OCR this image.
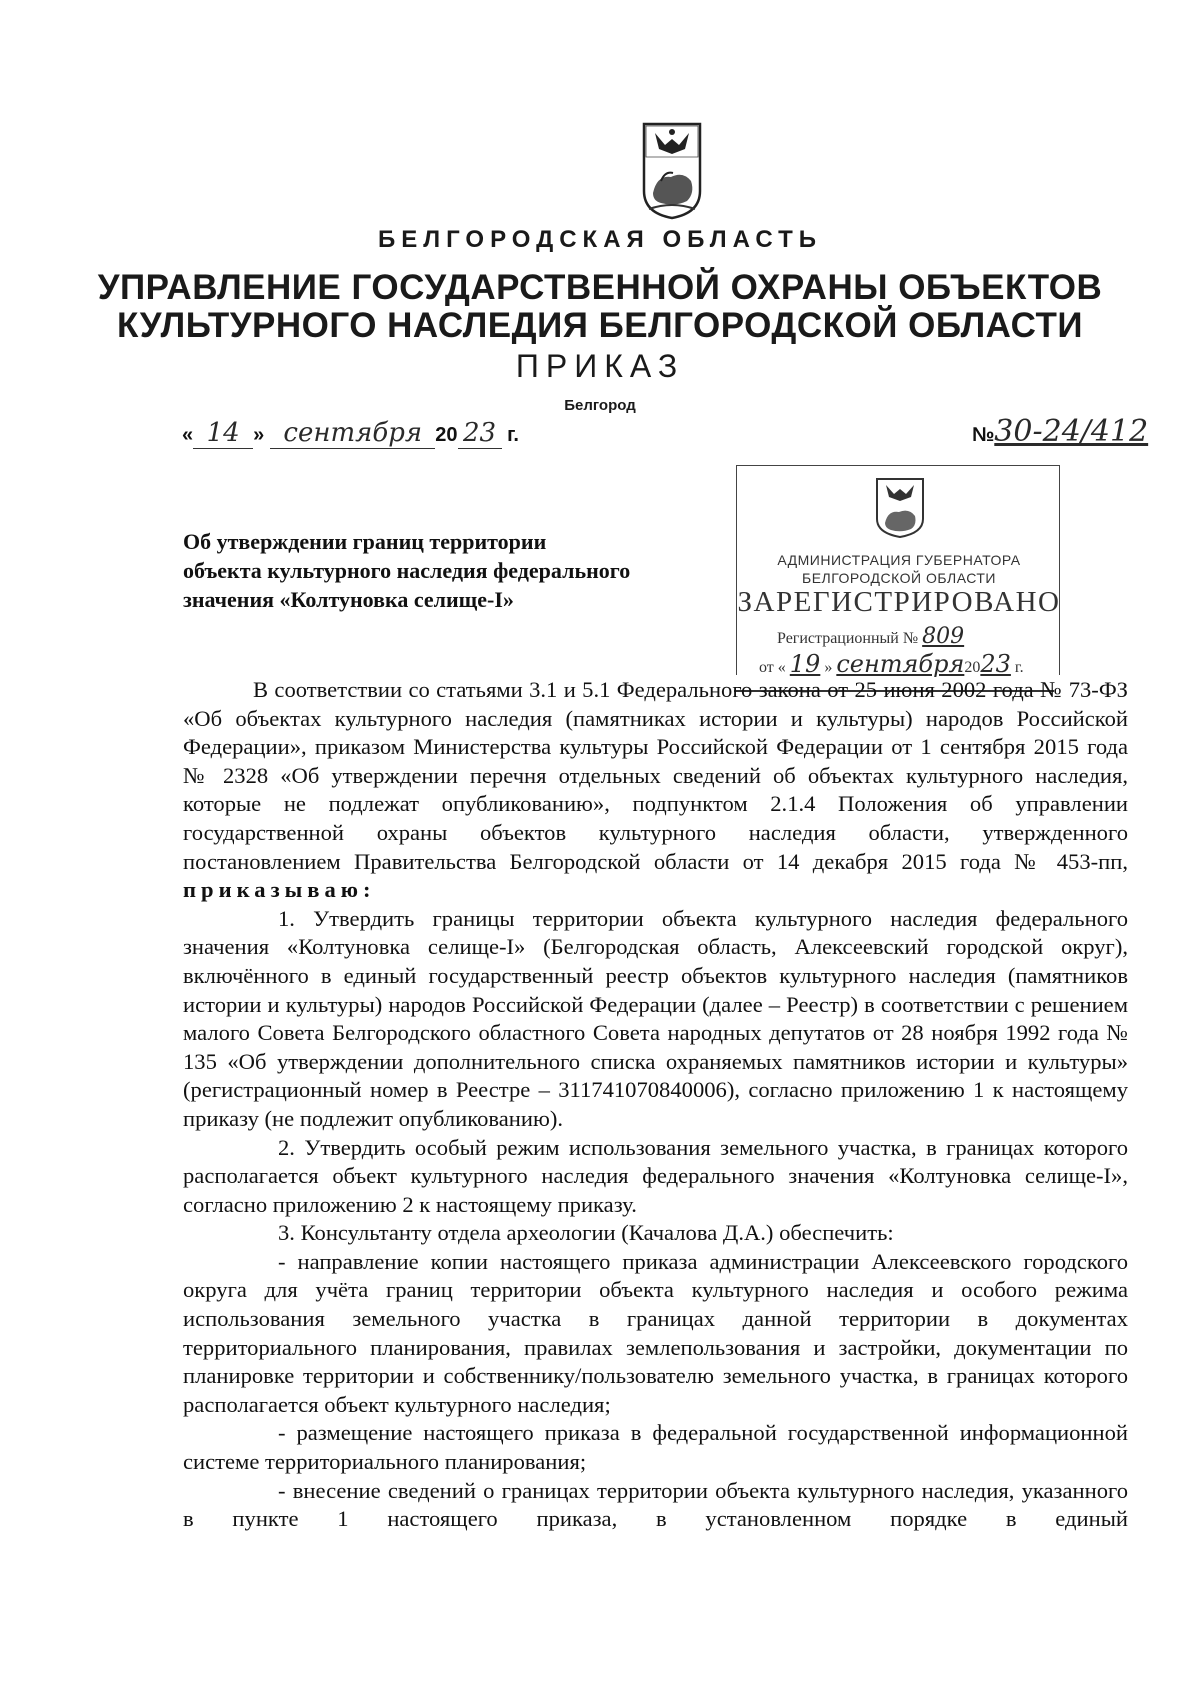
БЕЛГОРОДСКАЯ ОБЛАСТЬ
УПРАВЛЕНИЕ ГОСУДАРСТВЕННОЙ ОХРАНЫ ОБЪЕКТОВ
КУЛЬТУРНОГО НАСЛЕДИЯ БЕЛГОРОДСКОЙ ОБЛАСТИ
ПРИКАЗ
Белгород
« 14 » сентября 20 23 г.	№30-24/412
АДМИНИСТРАЦИЯ ГУБЕРНАТОРА
БЕЛГОРОДСКОЙ ОБЛАСТИ
ЗАРЕГИСТРИРОВАНО
Регистрационный № 809
от « 19 » сентября2023 г.
Об утверждении границ территории
объекта культурного наследия федерального
значения «Колтуновка селище-I»

В соответствии со статьями 3.1 и 5.1 Федерального закона от 25 июня 2002 года № 73-ФЗ «Об объектах культурного наследия (памятниках истории и культуры) народов Российской Федерации», приказом Министерства культуры Российской Федерации от 1 сентября 2015 года № 2328 «Об утверждении перечня отдельных сведений об объектах культурного наследия, которые не подлежат опубликованию», подпунктом 2.1.4 Положения об управлении государственной охраны объектов культурного наследия области, утвержденного постановлением Правительства Белгородской области от 14 декабря 2015 года № 453-пп, приказываю:

1. Утвердить границы территории объекта культурного наследия федерального значения «Колтуновка селище-I» (Белгородская область, Алексеевский городской округ), включённого в единый государственный реестр объектов культурного наследия (памятников истории и культуры) народов Российской Федерации (далее – Реестр) в соответствии с решением малого Совета Белгородского областного Совета народных депутатов от 28 ноября 1992 года № 135 «Об утверждении дополнительного списка охраняемых памятников истории и культуры» (регистрационный номер в Реестре – 311741070840006), согласно приложению 1 к настоящему приказу (не подлежит опубликованию).

2. Утвердить особый режим использования земельного участка, в границах которого располагается объект культурного наследия федерального значения «Колтуновка селище-I», согласно приложению 2 к настоящему приказу.

3. Консультанту отдела археологии (Качалова Д.А.) обеспечить:

- направление копии настоящего приказа администрации Алексеевского городского округа для учёта границ территории объекта культурного наследия и особого режима использования земельного участка в границах данной территории в документах территориального планирования, правилах землепользования и застройки, документации по планировке территории и собственнику/пользователю земельного участка, в границах которого располагается объект культурного наследия;

- размещение настоящего приказа в федеральной государственной информационной системе территориального планирования;

- внесение сведений о границах территории объекта культурного наследия, указанного в пункте 1 настоящего приказа, в установленном порядке в единый
